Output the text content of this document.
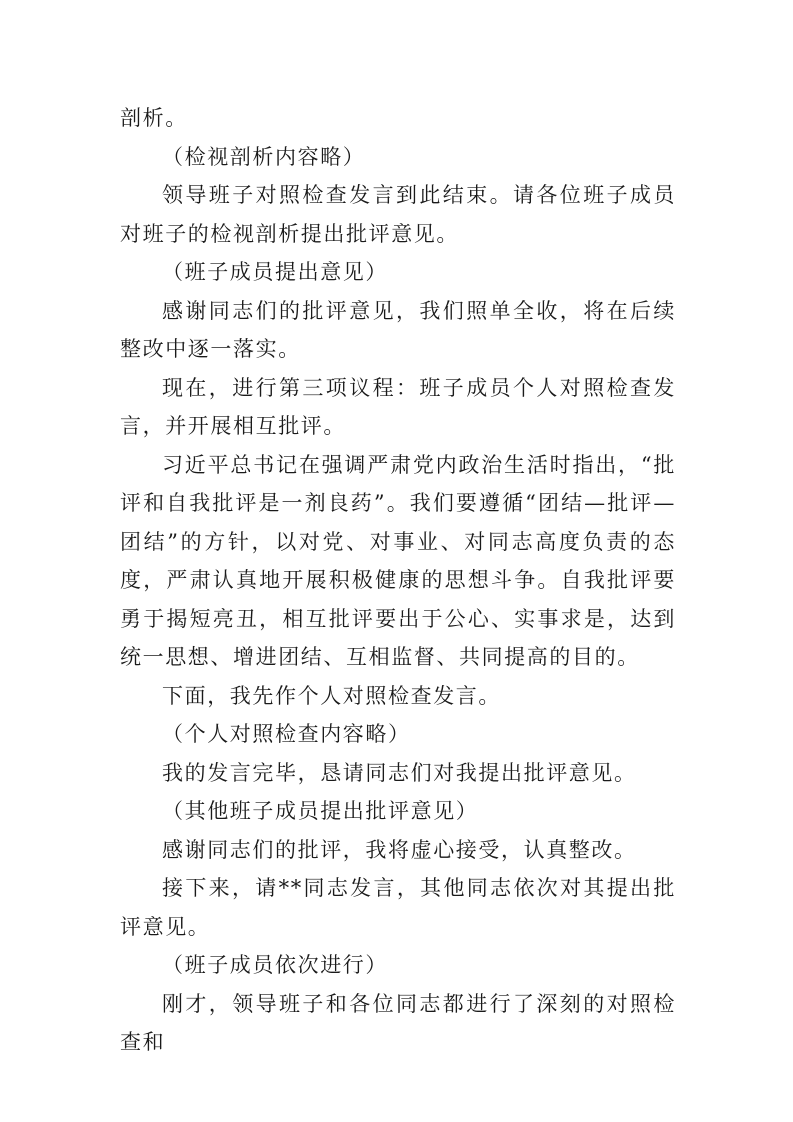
剖析。

（检视剖析内容略）

领导班子对照检查发言到此结束。请各位班子成员对班子的检视剖析提出批评意见。

（班子成员提出意见）

感谢同志们的批评意见，我们照单全收，将在后续整改中逐一落实。

现在，进行第三项议程：班子成员个人对照检查发言，并开展相互批评。

习近平总书记在强调严肃党内政治生活时指出，“批评和自我批评是一剂良药”。我们要遵循“团结—批评—团结”的方针，以对党、对事业、对同志高度负责的态度，严肃认真地开展积极健康的思想斗争。自我批评要勇于揭短亮丑，相互批评要出于公心、实事求是，达到统一思想、增进团结、互相监督、共同提高的目的。

下面，我先作个人对照检查发言。

（个人对照检查内容略）

我的发言完毕，恳请同志们对我提出批评意见。

（其他班子成员提出批评意见）

感谢同志们的批评，我将虚心接受，认真整改。

接下来，请**同志发言，其他同志依次对其提出批评意见。

（班子成员依次进行）

刚才，领导班子和各位同志都进行了深刻的对照检查和
